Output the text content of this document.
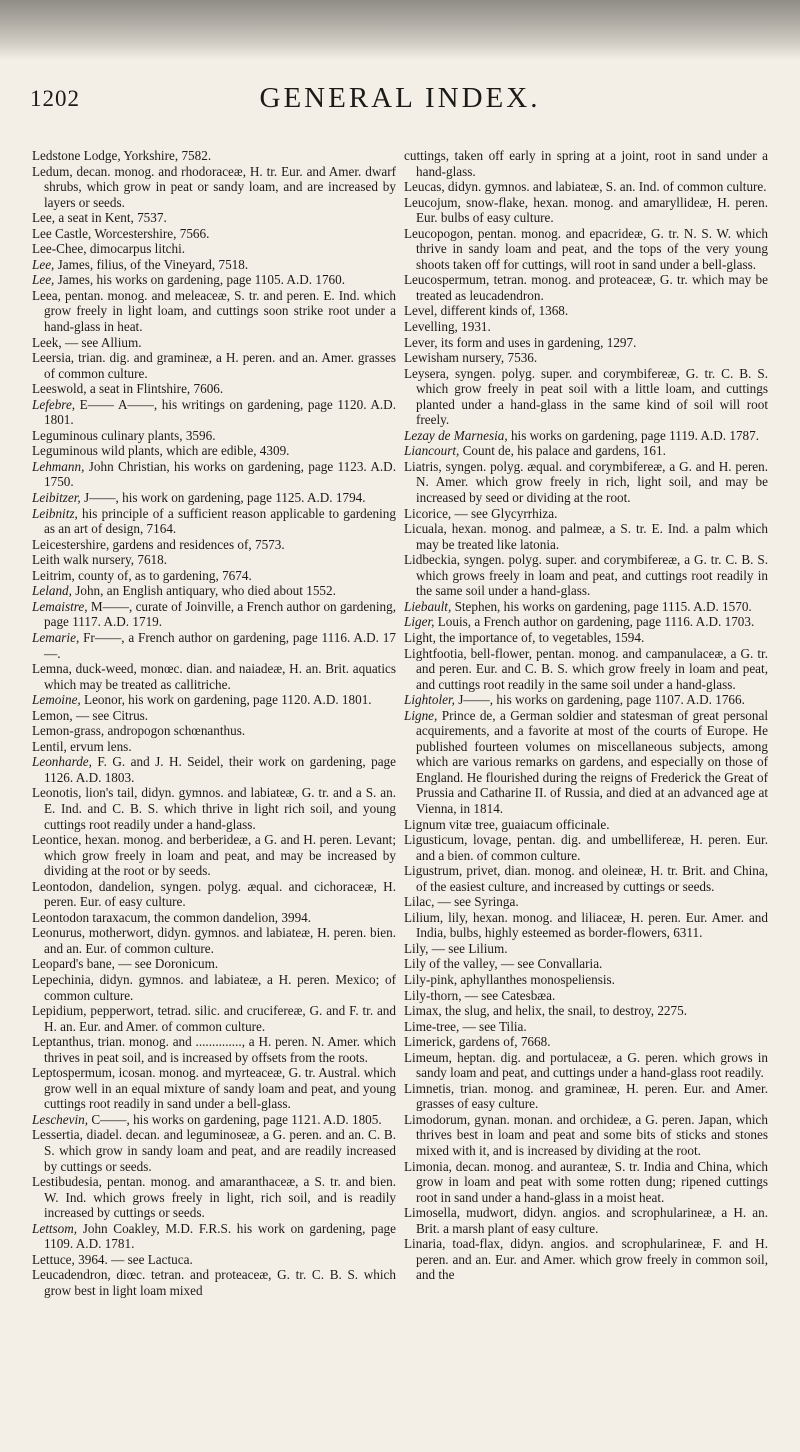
1202	GENERAL INDEX.

Ledstone Lodge, Yorkshire, 7582.

Ledum, decan. monog. and rhodoraceæ, H. tr. Eur. and Amer. dwarf shrubs, which grow in peat or sandy loam, and are increased by layers or seeds.

Lee, a seat in Kent, 7537.

Lee Castle, Worcestershire, 7566.

Lee-Chee, dimocarpus litchi.

Lee, James, filius, of the Vineyard, 7518.

Lee, James, his works on gardening, page 1105. A.D. 1760.

Leea, pentan. monog. and meleaceæ, S. tr. and peren. E. Ind. which grow freely in light loam, and cuttings soon strike root under a hand-glass in heat.

Leek, — see Allium.

Leersia, trian. dig. and gramineæ, a H. peren. and an. Amer. grasses of common culture.

Leeswold, a seat in Flintshire, 7606.

Lefebre, E—— A——, his writings on gardening, page 1120. A.D. 1801.

Leguminous culinary plants, 3596.

Leguminous wild plants, which are edible, 4309.

Lehmann, John Christian, his works on gardening, page 1123. A.D. 1750.

Leibitzer, J——, his work on gardening, page 1125. A.D. 1794.

Leibnitz, his principle of a sufficient reason applicable to gardening as an art of design, 7164.

Leicestershire, gardens and residences of, 7573.

Leith walk nursery, 7618.

Leitrim, county of, as to gardening, 7674.

Leland, John, an English antiquary, who died about 1552.

Lemaistre, M——, curate of Joinville, a French author on gardening, page 1117. A.D. 1719.

Lemarie, Fr——, a French author on gardening, page 1116. A.D. 17—.

Lemna, duck-weed, monœc. dian. and naiadeæ, H. an. Brit. aquatics which may be treated as callitriche.

Lemoine, Leonor, his work on gardening, page 1120. A.D. 1801.

Lemon, — see Citrus.

Lemon-grass, andropogon schœnanthus.

Lentil, ervum lens.

Leonharde, F. G. and J. H. Seidel, their work on gardening, page 1126. A.D. 1803.

Leonotis, lion's tail, didyn. gymnos. and labiateæ, G. tr. and a S. an. E. Ind. and C. B. S. which thrive in light rich soil, and young cuttings root readily under a hand-glass.

Leontice, hexan. monog. and berberideæ, a G. and H. peren. Levant; which grow freely in loam and peat, and may be increased by dividing at the root or by seeds.

Leontodon, dandelion, syngen. polyg. æqual. and cichoraceæ, H. peren. Eur. of easy culture.

Leontodon taraxacum, the common dandelion, 3994.

Leonurus, motherwort, didyn. gymnos. and labiateæ, H. peren. bien. and an. Eur. of common culture.

Leopard's bane, — see Doronicum.

Lepechinia, didyn. gymnos. and labiateæ, a H. peren. Mexico; of common culture.

Lepidium, pepperwort, tetrad. silic. and cruciferеæ, G. and F. tr. and H. an. Eur. and Amer. of common culture.

Leptanthus, trian. monog. and .............., a H. peren. N. Amer. which thrives in peat soil, and is increased by offsets from the roots.

Leptospermum, icosan. monog. and myrteaceæ, G. tr. Austral. which grow well in an equal mixture of sandy loam and peat, and young cuttings root readily in sand under a bell-glass.

Leschevin, C——, his works on gardening, page 1121. A.D. 1805.

Lessertia, diadel. decan. and leguminoseæ, a G. peren. and an. C. B. S. which grow in sandy loam and peat, and are readily increased by cuttings or seeds.

Lestibudesia, pentan. monog. and amaranthaceæ, a S. tr. and bien. W. Ind. which grows freely in light, rich soil, and is readily increased by cuttings or seeds.

Lettsom, John Coakley, M.D. F.R.S. his work on gardening, page 1109. A.D. 1781.

Lettuce, 3964. — see Lactuca.

Leucadendron, diœc. tetran. and proteaceæ, G. tr. C. B. S. which grow best in light loam mixed

cuttings, taken off early in spring at a joint, root in sand under a hand-glass.

Leucas, didyn. gymnos. and labiateæ, S. an. Ind. of common culture.

Leucojum, snow-flake, hexan. monog. and amaryllideæ, H. peren. Eur. bulbs of easy culture.

Leucopogon, pentan. monog. and epacrideæ, G. tr. N. S. W. which thrive in sandy loam and peat, and the tops of the very young shoots taken off for cuttings, will root in sand under a bell-glass.

Leucospermum, tetran. monog. and proteaceæ, G. tr. which may be treated as leucadendron.

Level, different kinds of, 1368.

Levelling, 1931.

Lever, its form and uses in gardening, 1297.

Lewisham nursery, 7536.

Leysera, syngen. polyg. super. and corymbifereæ, G. tr. C. B. S. which grow freely in peat soil with a little loam, and cuttings planted under a hand-glass in the same kind of soil will root freely.

Lezay de Marnesia, his works on gardening, page 1119. A.D. 1787.

Liancourt, Count de, his palace and gardens, 161.

Liatris, syngen. polyg. æqual. and corymbifereæ, a G. and H. peren. N. Amer. which grow freely in rich, light soil, and may be increased by seed or dividing at the root.

Licorice, — see Glycyrrhiza.

Licuala, hexan. monog. and palmeæ, a S. tr. E. Ind. a palm which may be treated like latonia.

Lidbeckia, syngen. polyg. super. and corymbifereæ, a G. tr. C. B. S. which grows freely in loam and peat, and cuttings root readily in the same soil under a hand-glass.

Liebault, Stephen, his works on gardening, page 1115. A.D. 1570.

Liger, Louis, a French author on gardening, page 1116. A.D. 1703.

Light, the importance of, to vegetables, 1594.

Lightfootia, bell-flower, pentan. monog. and campanulaceæ, a G. tr. and peren. Eur. and C. B. S. which grow freely in loam and peat, and cuttings root readily in the same soil under a hand-glass.

Lightoler, J——, his works on gardening, page 1107. A.D. 1766.

Ligne, Prince de, a German soldier and statesman of great personal acquirements, and a favorite at most of the courts of Europe. He published fourteen volumes on miscellaneous subjects, among which are various remarks on gardens, and especially on those of England. He flourished during the reigns of Frederick the Great of Prussia and Catharine II. of Russia, and died at an advanced age at Vienna, in 1814.

Lignum vitæ tree, guaiacum officinale.

Ligusticum, lovage, pentan. dig. and umbelliferеæ, H. peren. Eur. and a bien. of common culture.

Ligustrum, privet, dian. monog. and oleineæ, H. tr. Brit. and China, of the easiest culture, and increased by cuttings or seeds.

Lilac, — see Syringa.

Lilium, lily, hexan. monog. and liliaceæ, H. peren. Eur. Amer. and India, bulbs, highly esteemed as border-flowers, 6311.

Lily, — see Lilium.

Lily of the valley, — see Convallaria.

Lily-pink, aphyllanthes monospeliensis.

Lily-thorn, — see Catesbæa.

Limax, the slug, and helix, the snail, to destroy, 2275.

Lime-tree, — see Tilia.

Limerick, gardens of, 7668.

Limeum, heptan. dig. and portulaceæ, a G. peren. which grows in sandy loam and peat, and cuttings under a hand-glass root readily.

Limnetis, trian. monog. and gramineæ, H. peren. Eur. and Amer. grasses of easy culture.

Limodorum, gynan. monan. and orchideæ, a G. peren. Japan, which thrives best in loam and peat and some bits of sticks and stones mixed with it, and is increased by dividing at the root.

Limonia, decan. monog. and auranteæ, S. tr. India and China, which grow in loam and peat with some rotten dung; ripened cuttings root in sand under a hand-glass in a moist heat.

Limosella, mudwort, didyn. angios. and scrophularineæ, a H. an. Brit. a marsh plant of easy culture.

Linaria, toad-flax, didyn. angios. and scrophularineæ, F. and H. peren. and an. Eur. and Amer. which grow freely in common soil, and the
